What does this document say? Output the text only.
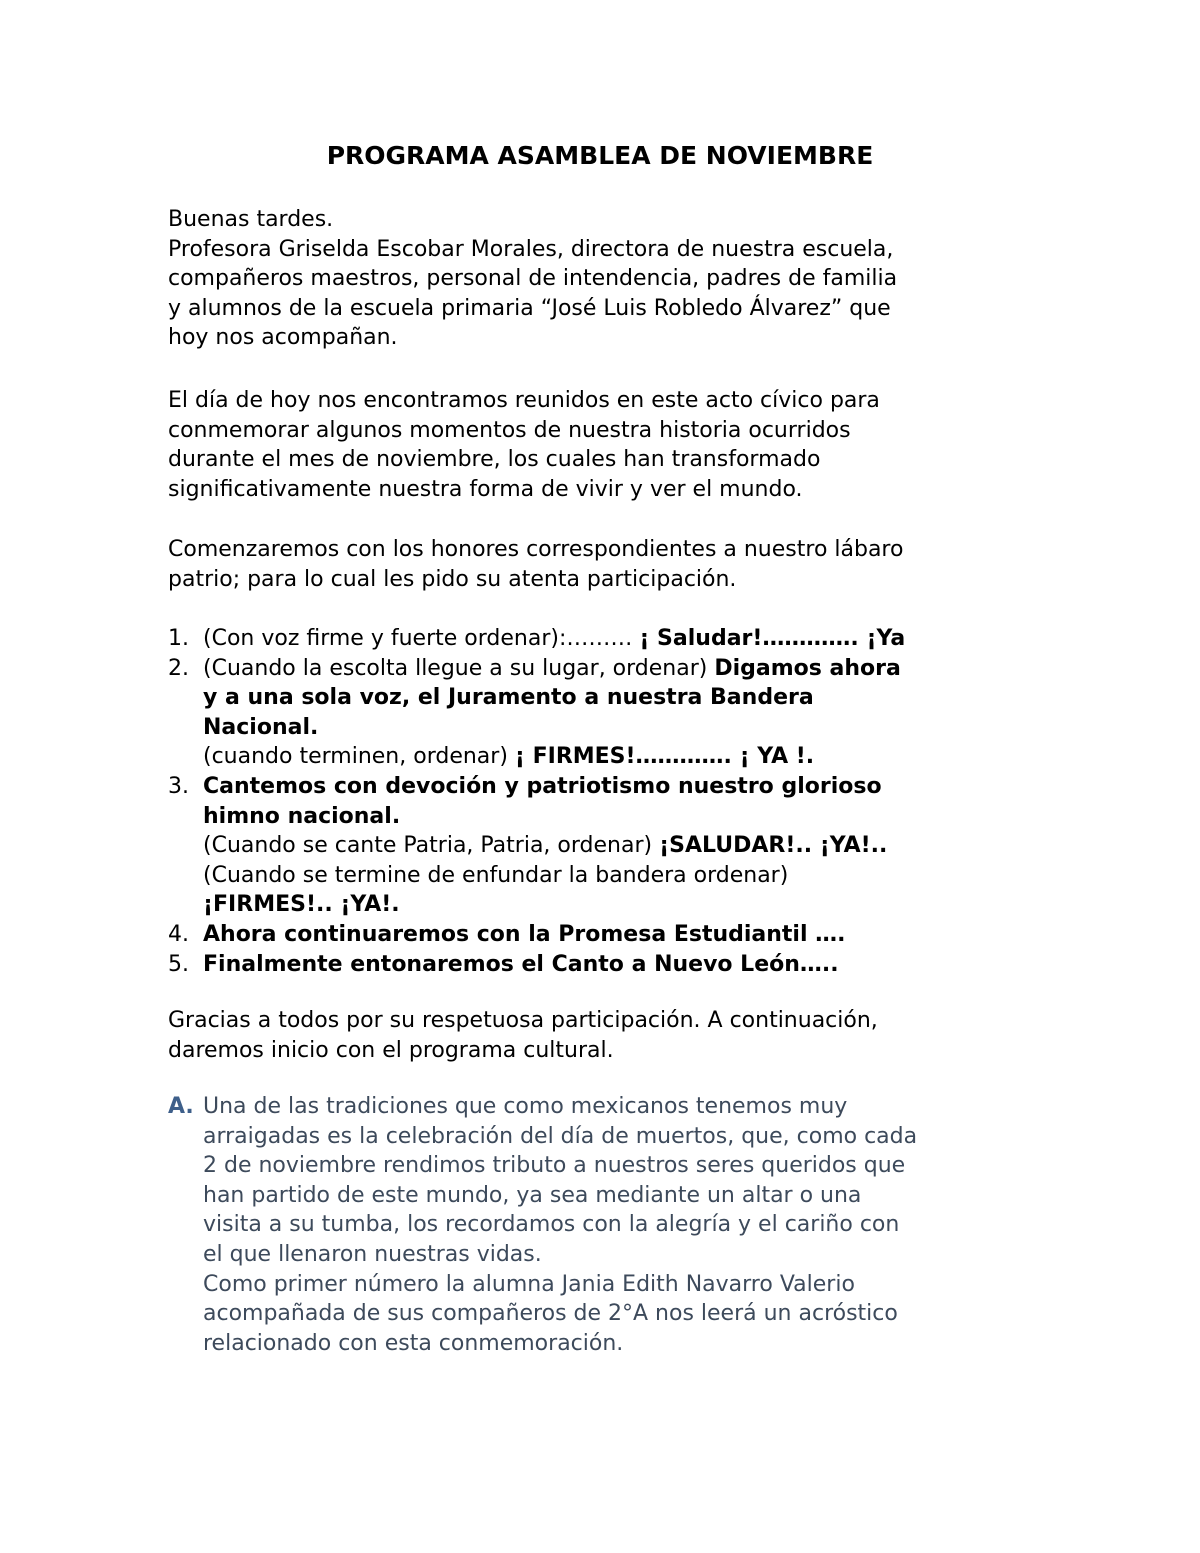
PROGRAMA ASAMBLEA DE NOVIEMBRE
Buenas tardes.
Profesora Griselda Escobar Morales, directora de nuestra escuela,
compañeros maestros, personal de intendencia, padres de familia
y alumnos de la escuela primaria “José Luis Robledo Álvarez” que
hoy nos acompañan.
El día de hoy nos encontramos reunidos en este acto cívico para
conmemorar algunos momentos de nuestra historia ocurridos
durante el mes de noviembre, los cuales han transformado
significativamente nuestra forma de vivir y ver el mundo.
Comenzaremos con los honores correspondientes a nuestro lábaro
patrio; para lo cual les pido su atenta participación.
1. (Con voz firme y fuerte ordenar):……… ¡ Saludar!…………. ¡Ya
2. (Cuando la escolta llegue a su lugar, ordenar) Digamos ahora
y a una sola voz, el Juramento a nuestra Bandera
Nacional.
(cuando terminen, ordenar) ¡ FIRMES!…………. ¡ YA !.
3. Cantemos con devoción y patriotismo nuestro glorioso
himno nacional.
(Cuando se cante Patria, Patria, ordenar) ¡SALUDAR!.. ¡YA!..
(Cuando se termine de enfundar la bandera ordenar)
¡FIRMES!.. ¡YA!.
4. Ahora continuaremos con la Promesa Estudiantil ….
5. Finalmente entonaremos el Canto a Nuevo León…..
Gracias a todos por su respetuosa participación. A continuación,
daremos inicio con el programa cultural.
A. Una de las tradiciones que como mexicanos tenemos muy
arraigadas es la celebración del día de muertos, que, como cada
2 de noviembre rendimos tributo a nuestros seres queridos que
han partido de este mundo, ya sea mediante un altar o una
visita a su tumba, los recordamos con la alegría y el cariño con
el que llenaron nuestras vidas.
Como primer número la alumna Jania Edith Navarro Valerio
acompañada de sus compañeros de 2°A nos leerá un acróstico
relacionado con esta conmemoración.
